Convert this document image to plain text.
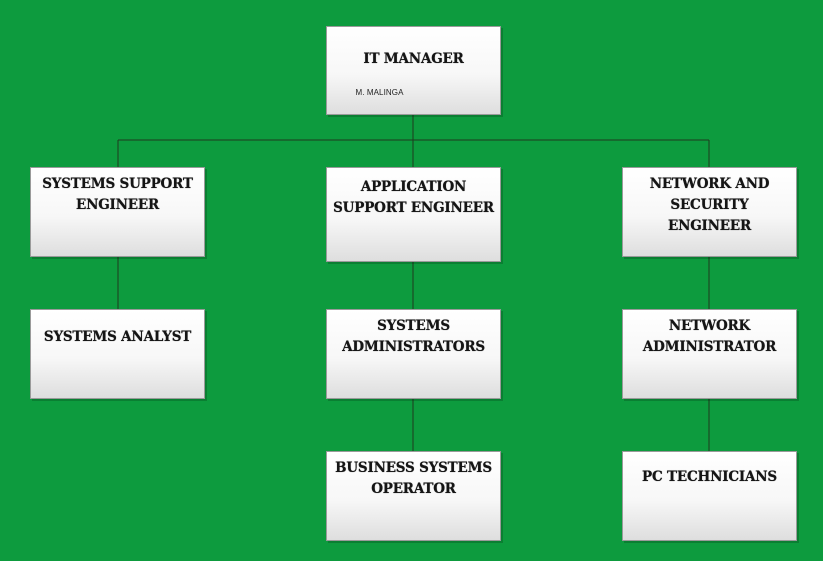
IT MANAGER
M. MALINGA
SYSTEMS SUPPORT
ENGINEER
APPLICATION
SUPPORT ENGINEER
NETWORK AND
SECURITY ENGINEER
SYSTEMS ANALYST
SYSTEMS
ADMINISTRATORS
NETWORK
ADMINISTRATOR
BUSINESS SYSTEMS
OPERATOR
PC TECHNICIANS
